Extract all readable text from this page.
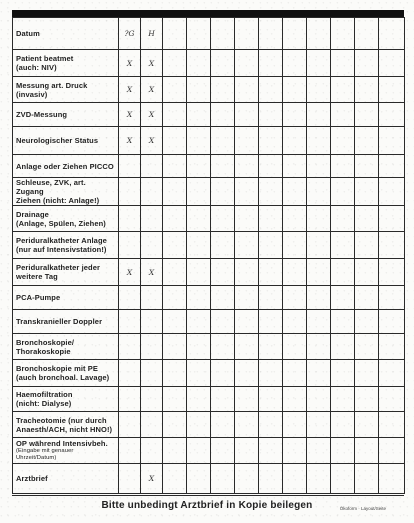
Datum	?G	H										

Patient beatmet
(auch: NIV)	X	X										

Messung art. Druck
(invasiv)	X	X										

ZVD-Messung	X	X										

Neurologischer Status	X	X										

Anlage oder Ziehen PICCO												

Schleuse, ZVK, art. Zugang
Ziehen (nicht: Anlage!)												

Drainage
(Anlage, Spülen, Ziehen)												

Periduralkatheter Anlage
(nur auf Intensivstation!)												

Periduralkatheter jeder
weitere Tag	X	X										

PCA-Pumpe												

Transkranieller Doppler												

Bronchoskopie/
Thorakoskopie												

Bronchoskopie mit PE
(auch bronchoal. Lavage)												

Haemofiltration
(nicht: Dialyse)												

Tracheotomie (nur durch
Anaesth/ACH, nicht HNO!)												

OP während Intensivbeh.
(Eingabe mit genauer Uhrzeit/Datum)												

Arztbrief		X										
Bitte unbedingt Arztbrief in Kopie beilegen	Ökoform · Layout/Seite
